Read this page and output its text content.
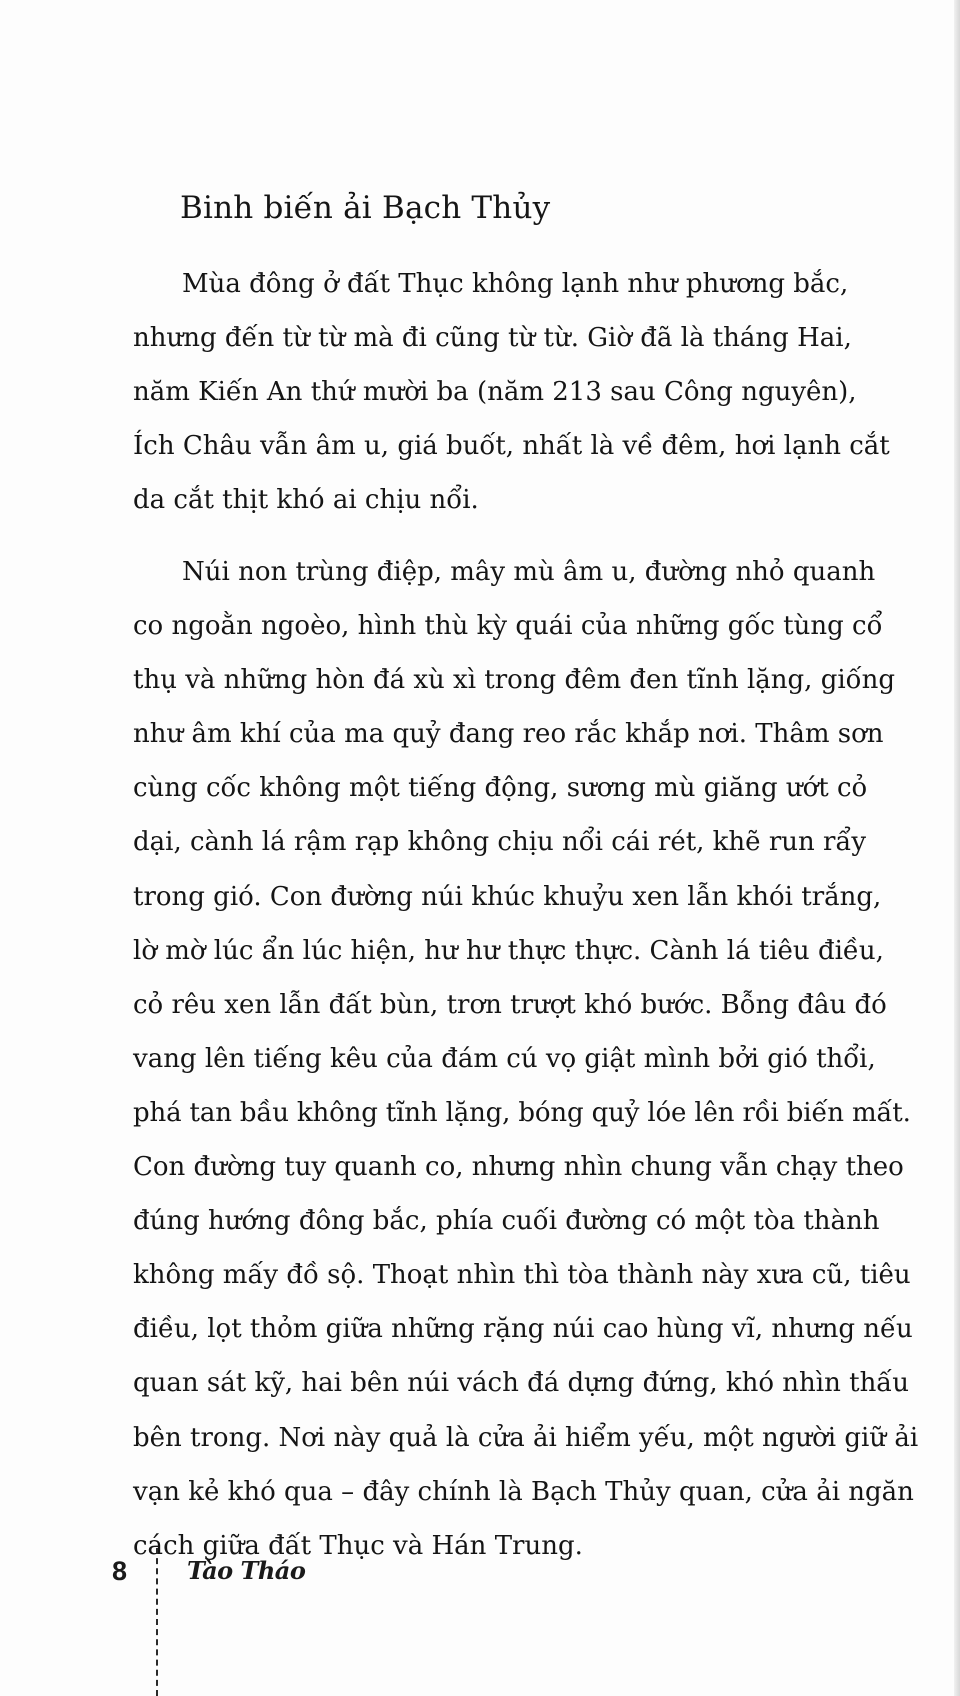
Binh biến ải Bạch Thủy
Mùa đông ở đất Thục không lạnh như phương bắc,
nhưng đến từ từ mà đi cũng từ từ. Giờ đã là tháng Hai,
năm Kiến An thứ mười ba (năm 213 sau Công nguyên),
Ích Châu vẫn âm u, giá buốt, nhất là về đêm, hơi lạnh cắt
da cắt thịt khó ai chịu nổi.
Núi non trùng điệp, mây mù âm u, đường nhỏ quanh
co ngoằn ngoèo, hình thù kỳ quái của những gốc tùng cổ
thụ và những hòn đá xù xì trong đêm đen tĩnh lặng, giống
như âm khí của ma quỷ đang reo rắc khắp nơi. Thâm sơn
cùng cốc không một tiếng động, sương mù giăng ướt cỏ
dại, cành lá rậm rạp không chịu nổi cái rét, khẽ run rẩy
trong gió. Con đường núi khúc khuỷu xen lẫn khói trắng,
lờ mờ lúc ẩn lúc hiện, hư hư thực thực. Cành lá tiêu điều,
cỏ rêu xen lẫn đất bùn, trơn trượt khó bước. Bỗng đâu đó
vang lên tiếng kêu của đám cú vọ giật mình bởi gió thổi,
phá tan bầu không tĩnh lặng, bóng quỷ lóe lên rồi biến mất.
Con đường tuy quanh co, nhưng nhìn chung vẫn chạy theo
đúng hướng đông bắc, phía cuối đường có một tòa thành
không mấy đồ sộ. Thoạt nhìn thì tòa thành này xưa cũ, tiêu
điều, lọt thỏm giữa những rặng núi cao hùng vĩ, nhưng nếu
quan sát kỹ, hai bên núi vách đá dựng đứng, khó nhìn thấu
bên trong. Nơi này quả là cửa ải hiểm yếu, một người giữ ải
vạn kẻ khó qua – đây chính là Bạch Thủy quan, cửa ải ngăn
cách giữa đất Thục và Hán Trung.
8 Tào Tháo
